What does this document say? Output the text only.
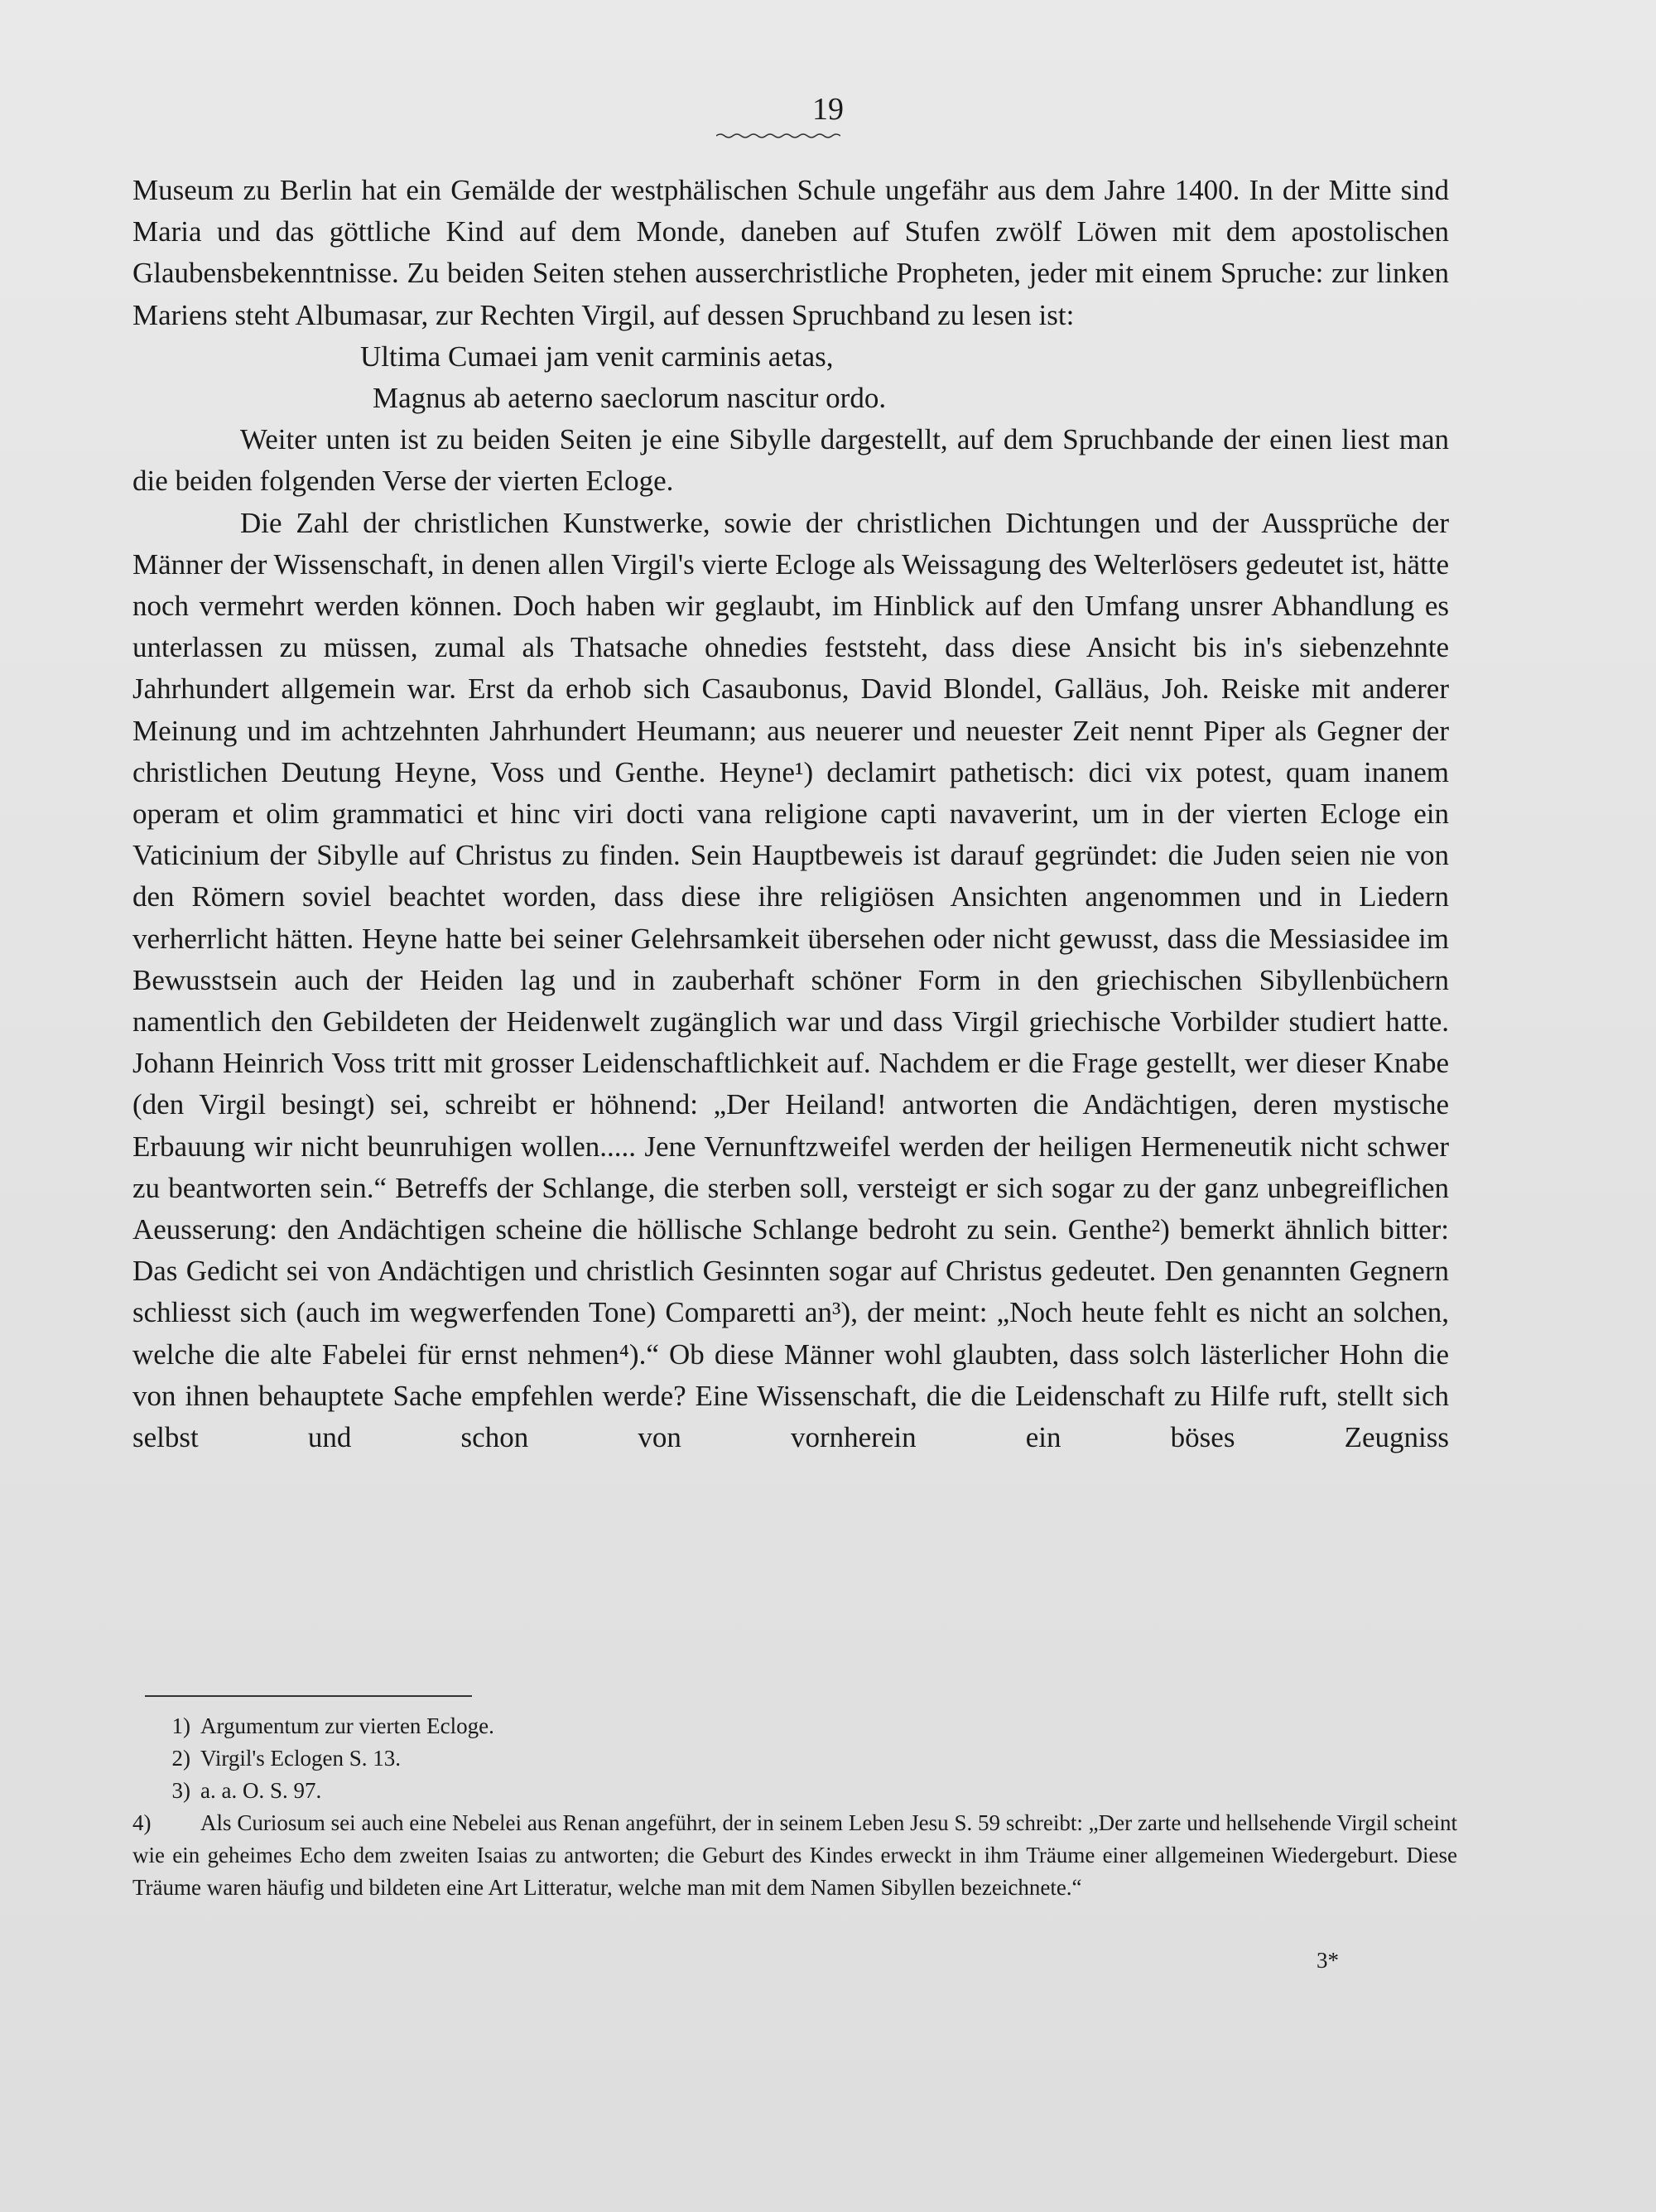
19

Museum zu Berlin hat ein Gemälde der westphälischen Schule ungefähr aus dem Jahre 1400. In der Mitte sind Maria und das göttliche Kind auf dem Monde, daneben auf Stufen zwölf Löwen mit dem apostolischen Glaubensbekenntnisse. Zu beiden Seiten stehen ausserchristliche Propheten, jeder mit einem Spruche: zur linken Mariens steht Albumasar, zur Rechten Virgil, auf dessen Spruchband zu lesen ist:

Ultima Cumaei jam venit carminis aetas,

Magnus ab aeterno saeclorum nascitur ordo.

Weiter unten ist zu beiden Seiten je eine Sibylle dargestellt, auf dem Spruchbande der einen liest man die beiden folgenden Verse der vierten Ecloge.

Die Zahl der christlichen Kunstwerke, sowie der christlichen Dichtungen und der Aussprüche der Männer der Wissenschaft, in denen allen Virgil's vierte Ecloge als Weissagung des Welterlösers gedeutet ist, hätte noch vermehrt werden können. Doch haben wir geglaubt, im Hinblick auf den Umfang unsrer Abhandlung es unterlassen zu müssen, zumal als Thatsache ohnedies feststeht, dass diese Ansicht bis in's siebenzehnte Jahrhundert allgemein war. Erst da erhob sich Casaubonus, David Blondel, Galläus, Joh. Reiske mit anderer Meinung und im achtzehnten Jahrhundert Heumann; aus neuerer und neuester Zeit nennt Piper als Gegner der christlichen Deutung Heyne, Voss und Genthe. Heyne¹) declamirt pathetisch: dici vix potest, quam inanem operam et olim grammatici et hinc viri docti vana religione capti navaverint, um in der vierten Ecloge ein Vaticinium der Sibylle auf Christus zu finden. Sein Hauptbeweis ist darauf gegründet: die Juden seien nie von den Römern soviel beachtet worden, dass diese ihre religiösen Ansichten angenommen und in Liedern verherrlicht hätten. Heyne hatte bei seiner Gelehrsamkeit übersehen oder nicht gewusst, dass die Messiasidee im Bewusstsein auch der Heiden lag und in zauberhaft schöner Form in den griechischen Sibyllenbüchern namentlich den Gebildeten der Heidenwelt zugänglich war und dass Virgil griechische Vorbilder studiert hatte. Johann Heinrich Voss tritt mit grosser Leidenschaftlichkeit auf. Nachdem er die Frage gestellt, wer dieser Knabe (den Virgil besingt) sei, schreibt er höhnend: „Der Heiland! antworten die Andächtigen, deren mystische Erbauung wir nicht beunruhigen wollen..... Jene Vernunftzweifel werden der heiligen Hermeneutik nicht schwer zu beantworten sein.“ Betreffs der Schlange, die sterben soll, versteigt er sich sogar zu der ganz unbegreiflichen Aeusserung: den Andächtigen scheine die höllische Schlange bedroht zu sein. Genthe²) bemerkt ähnlich bitter: Das Gedicht sei von Andächtigen und christlich Gesinnten sogar auf Christus gedeutet. Den genannten Gegnern schliesst sich (auch im wegwerfenden Tone) Comparetti an³), der meint: „Noch heute fehlt es nicht an solchen, welche die alte Fabelei für ernst nehmen⁴).“ Ob diese Männer wohl glaubten, dass solch lästerlicher Hohn die von ihnen behauptete Sache empfehlen werde? Eine Wissenschaft, die die Leidenschaft zu Hilfe ruft, stellt sich selbst und schon von vornherein ein böses Zeugniss

1) Argumentum zur vierten Ecloge.

2) Virgil's Eclogen S. 13.

3) a. a. O. S. 97.

4) Als Curiosum sei auch eine Nebelei aus Renan angeführt, der in seinem Leben Jesu S. 59 schreibt: „Der zarte und hellsehende Virgil scheint wie ein geheimes Echo dem zweiten Isaias zu antworten; die Geburt des Kindes erweckt in ihm Träume einer allgemeinen Wiedergeburt. Diese Träume waren häufig und bildeten eine Art Litteratur, welche man mit dem Namen Sibyllen bezeichnete.“

3*
